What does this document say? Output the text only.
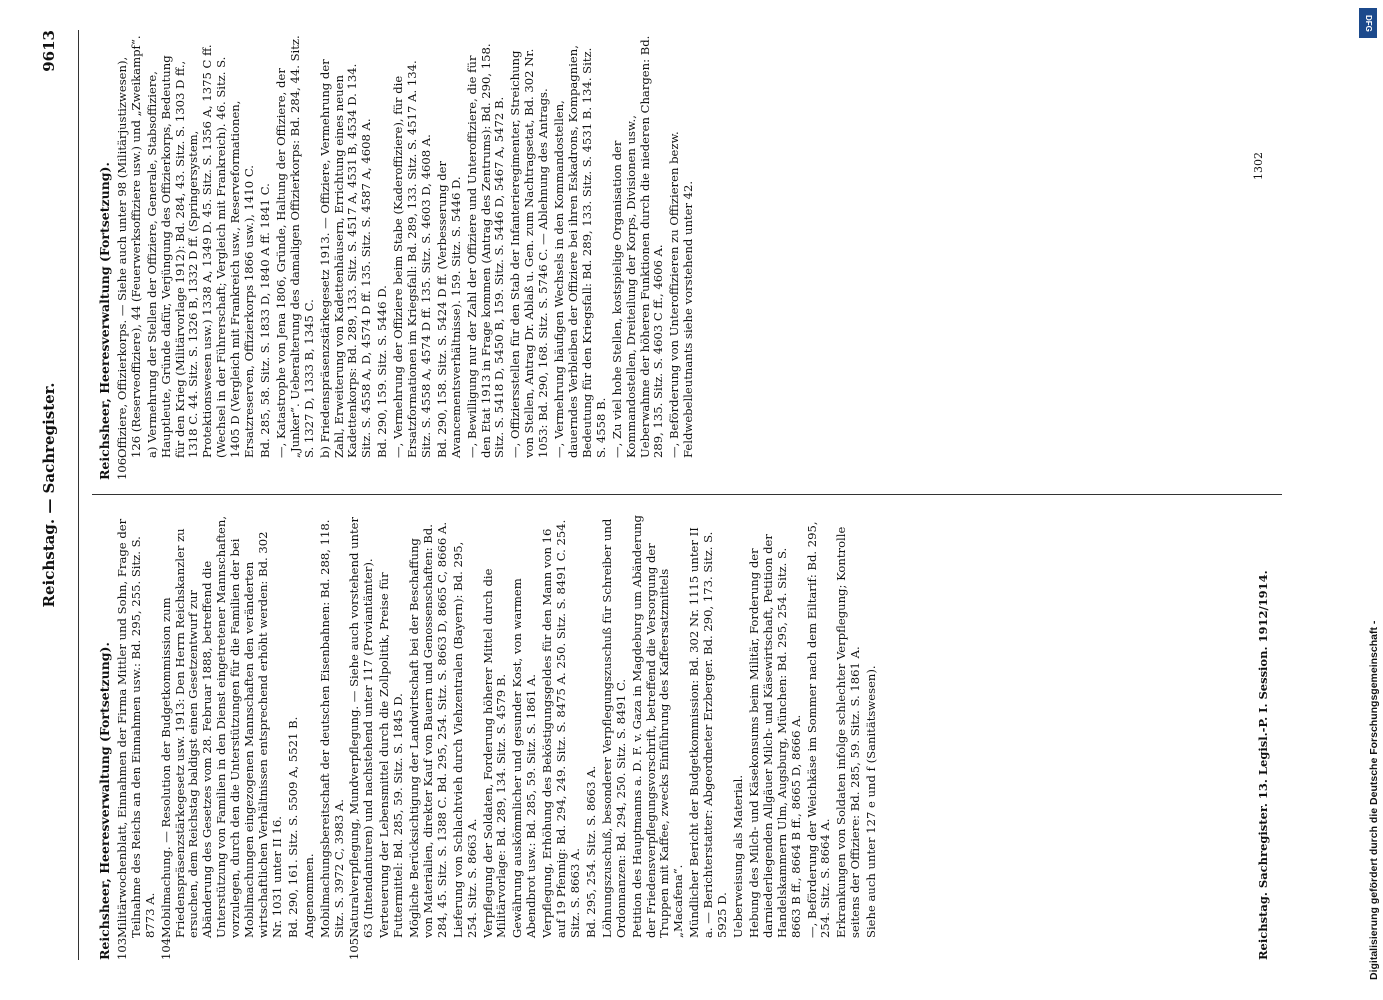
Reichstag. — Sachregister.
9613
Reichsheer, Heeresverwaltung (Fortsetzung). 103.Militärwochenblatt, Einnahmen der Firma Mittler und Sohn, Frage der Teilnahme des Reichs an den Einnahmen usw.: Bd. 295, 255. Sitz. S. 8773 A.
104.Mobilmachung. — Resolution der Budgetkommission zum Friedenspräsenzstärkegesetz usw. 1913: Den Herrn Reichskanzler zu ersuchen, dem Reichstag baldigst einen Gesetzentwurf zur Abänderung des Gesetzes vom 28. Februar 1888, betreffend die Unterstützung von Familien in den Dienst eingetretener Mannschaften, vorzulegen, durch den die Unterstützungen für die Familien der bei Mobilmachungen eingezogenen Mannschaften den veränderten wirtschaftlichen Verhältnissen entsprechend erhöht werden: Bd. 302 Nr. 1031 unter II 16. Bd. 290, 161. Sitz. S. 5509 A, 5521 B. Angenommen. Mobilmachungsbereitschaft der deutschen Eisenbahnen: Bd. 288, 118. Sitz. S. 3972 C, 3983 A.
105.Naturalverpflegung, Mundverpflegung. — Siehe auch vorstehend unter 63 (Intendanturen) und nachstehend unter 117 (Proviantämter). Verteuerung der Lebensmittel durch die Zollpolitik, Preise für Futtermittel: Bd. 285, 59. Sitz. S. 1845 D. Mögliche Berücksichtigung der Landwirtschaft bei der Beschaffung von Materialien, direkter Kauf von Bauern und Genossenschaften: Bd. 284, 45. Sitz. S. 1388 C. Bd. 295, 254. Sitz. S. 8663 D, 8665 C, 8666 A. Lieferung von Schlachtvieh durch Viehzentralen (Bayern): Bd. 295, 254. Sitz. S. 8663 A. Verpflegung der Soldaten, Forderung höherer Mittel durch die Militärvorlage: Bd. 289, 134. Sitz. S. 4579 B. Gewährung auskömmlicher und gesunder Kost, von warmem Abendbrot usw.: Bd. 285, 59. Sitz. S. 1861 A. Verpflegung, Erhöhung des Beköstigungsgeldes für den Mann von 16 auf 19 Pfennig: Bd. 294, 249. Sitz. S. 8475 A. 250. Sitz. S. 8491 C. 254. Sitz. S. 8663 A. Bd. 295, 254. Sitz. S. 8663 A. Löhnungszuschuß, besonderer Verpflegungszuschuß für Schreiber und Ordonnanzen: Bd. 294, 250. Sitz. S. 8491 C. Petition des Hauptmanns a. D. F. v. Gaza in Magdeburg um Abänderung der Friedensverpflegungsvorschrift, betreffend die Versorgung der Truppen mit Kaffee, zwecks Einführung des Kaffeersatzmittels „Macafena“. Mündlicher Bericht der Budgetkommission: Bd. 302 Nr. 1115 unter II a. — Berichterstatter: Abgeordneter Erzberger. Bd. 290, 173. Sitz. S. 5925 D. Ueberweisung als Material. Hebung des Milch- und Käsekonsums beim Militär, Forderung der darniederliegenden Allgäuer Milch- und Käsewirtschaft, Petition der Handelskammern Ulm, Augsburg, München: Bd. 295, 254. Sitz. S. 8663 B ff., 8664 B ff., 8665 D, 8666 A. —, Beförderung der Weichkäse im Sommer nach dem Eiltarif: Bd. 295, 254. Sitz. S. 8664 A. Erkrankungen von Soldaten infolge schlechter Verpflegung; Kontrolle seitens der Offiziere: Bd. 285, 59. Sitz. S. 1861 A. Siehe auch unter 127 e und f (Sanitätswesen).
Reichsheer, Heeresverwaltung (Fortsetzung). 106.Offiziere, Offizierkorps. — Siehe auch unter 98 (Militärjustizwesen), 126 (Reserveoffiziere), 44 (Feuerwerksoffiziere usw.) und „Zweikampf“. a) Vermehrung der Stellen der Offiziere, Generale, Stabsoffiziere, Hauptleute, Gründe dafür, Verjüngung des Offizierkorps, Bedeutung für den Krieg (Militärvorlage 1912): Bd. 284, 43. Sitz. S. 1303 D ff., 1318 C. 44. Sitz. S. 1326 B, 1332 D ff. (Springersystem, Protektionswesen usw.) 1338 A, 1349 D. 45. Sitz. S. 1356 A, 1375 C ff. (Wechsel in der Führerschaft; Vergleich mit Frankreich). 46. Sitz. S. 1405 D (Vergleich mit Frankreich usw., Reserveformationen, Ersatzreserven, Offizierkorps 1866 usw.), 1410 C. Bd. 285, 58. Sitz. S. 1833 D, 1840 A ff. 1841 C. —, Katastrophe von Jena 1806, Gründe, Haltung der Offiziere, der „Junker“. Ueberalterung des damaligen Offizierkorps: Bd. 284, 44. Sitz. S. 1327 D, 1333 B, 1345 C. b) Friedenspräsenzstärkegesetz 1913. — Offiziere, Vermehrung der Zahl, Erweiterung von Kadettenhäusern, Errichtung eines neuen Kadettenkorps: Bd. 289, 133. Sitz. S. 4517 A, 4531 B, 4534 D. 134. Sitz. S. 4558 A, D, 4574 D ff. 135. Sitz. S. 4587 A, 4608 A. Bd. 290, 159. Sitz. S. 5446 D. —, Vermehrung der Offiziere beim Stabe (Kaderoffiziere), für die Ersatzformationen im Kriegsfall: Bd. 289, 133. Sitz. S. 4517 A. 134. Sitz. S. 4558 A, 4574 D ff. 135. Sitz. S. 4603 D, 4608 A. Bd. 290, 158. Sitz. S. 5424 D ff. (Verbesserung der Avancementsverhältnisse). 159. Sitz. S. 5446 D. —, Bewilligung nur der Zahl der Offiziere und Unteroffiziere, die für den Etat 1913 in Frage kommen (Antrag des Zentrums): Bd. 290, 158. Sitz. S. 5418 D, 5450 B, 159. Sitz. S. 5446 D, 5467 A, 5472 B. —, Offiziersstellen für den Stab der Infanterieregimenter, Streichung von Stellen, Antrag Dr. Ablaß u. Gen. zum Nachtragsetat, Bd. 302 Nr. 1053: Bd. 290, 168. Sitz. S. 5746 C. — Ablehnung des Antrags. —, Vermehrung häufigen Wechsels in den Kommandostellen, dauerndes Verbleiben der Offiziere bei ihren Eskadrons, Kompagnien, Bedeutung für den Kriegsfall: Bd. 289, 133. Sitz. S. 4531 B. 134. Sitz. S. 4558 B. —, Zu viel hohe Stellen, kostspielige Organisation der Kommandostellen, Dreiteilung der Korps, Divisionen usw., Ueberwahme der höheren Funktionen durch die niederen Chargen: Bd. 289, 135. Sitz. S. 4603 C ff., 4606 A. —, Beförderung von Unteroffizieren zu Offizieren bezw. Feldwebelleutnants siehe vorstehend unter 42.
Reichstag. Sachregister. 13. Legisl.-P. I. Session. 1912/1914.
1302
DFG
Digitalisierung gefördert durch die Deutsche Forschungsgemeinschaft -
